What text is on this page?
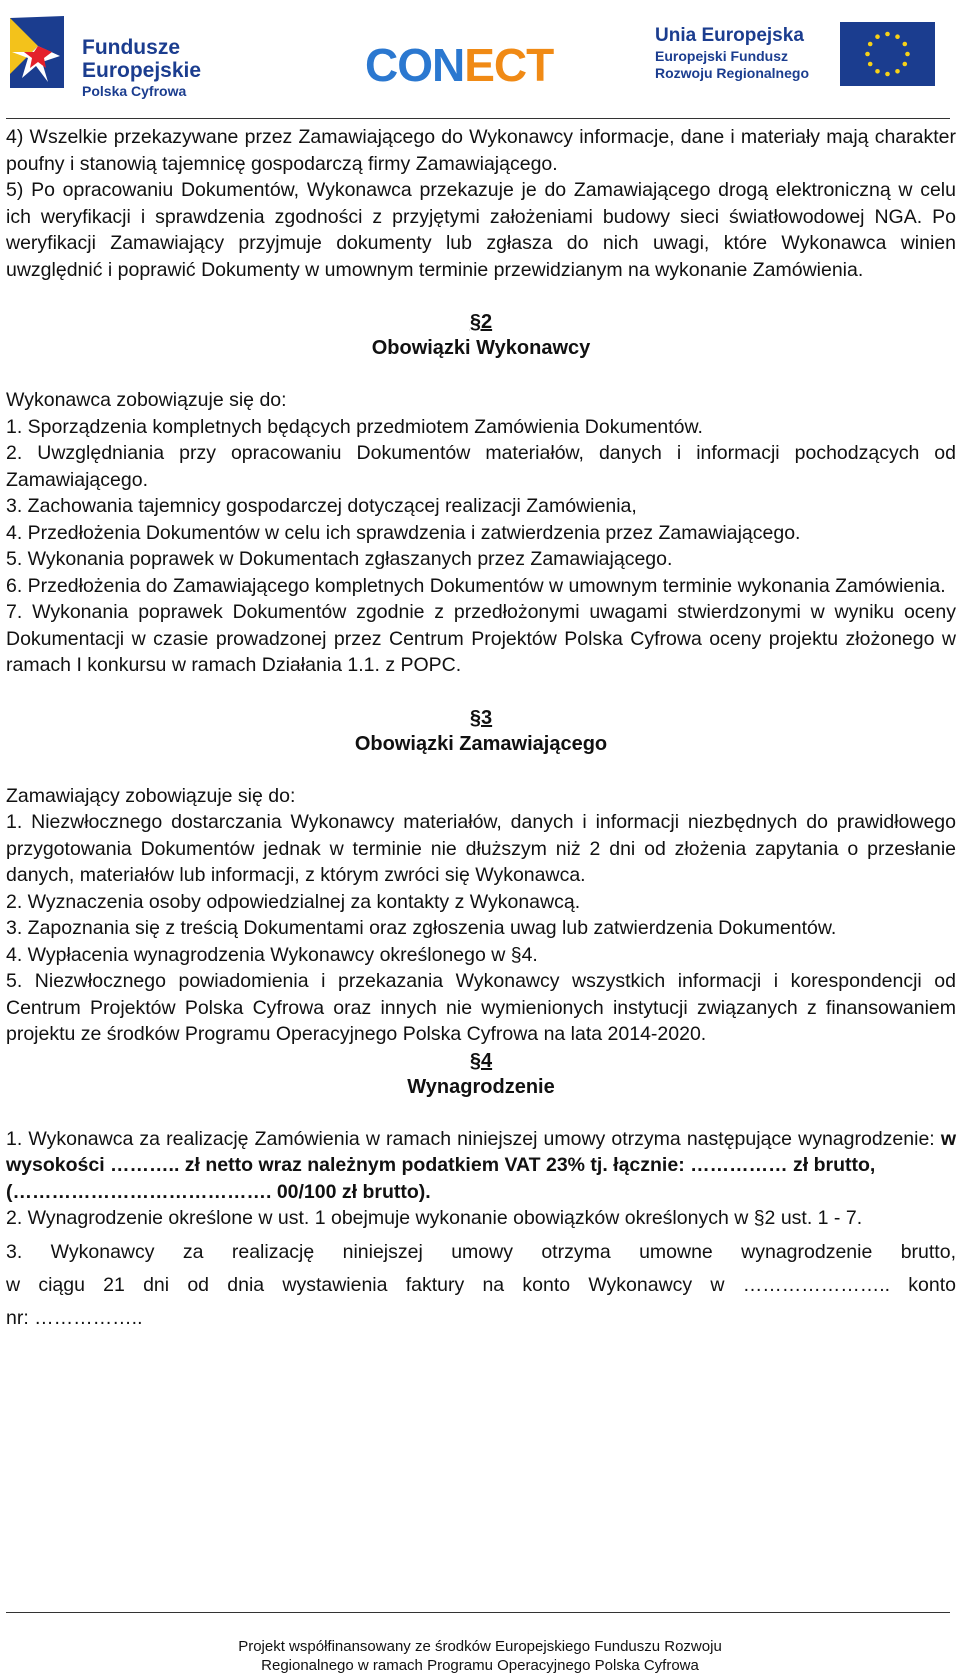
Fundusze
Europejskie
Polska Cyfrowa	CONECT
Unia Europejska
Europejski Fundusz
Rozwoju Regionalnego

4) Wszelkie przekazywane przez Zamawiającego do Wykonawcy informacje, dane i materiały mają charakter poufny i stanowią tajemnicę gospodarczą firmy Zamawiającego.

5) Po opracowaniu Dokumentów, Wykonawca przekazuje je do Zamawiającego drogą elektroniczną w celu ich weryfikacji i sprawdzenia zgodności z przyjętymi założeniami budowy sieci światłowodowej NGA. Po weryfikacji Zamawiający przyjmuje dokumenty lub zgłasza do nich uwagi, które Wykonawca winien uwzględnić i poprawić Dokumenty w umownym terminie przewidzianym na wykonanie Zamówienia.

§2

Obowiązki Wykonawcy

Wykonawca zobowiązuje się do:

1. Sporządzenia kompletnych będących przedmiotem Zamówienia Dokumentów.

2. Uwzględniania przy opracowaniu Dokumentów materiałów, danych i informacji pochodzących od Zamawiającego.

3. Zachowania tajemnicy gospodarczej dotyczącej realizacji Zamówienia,

4. Przedłożenia Dokumentów w celu ich sprawdzenia i zatwierdzenia przez Zamawiającego.

5. Wykonania poprawek w Dokumentach zgłaszanych przez Zamawiającego.

6. Przedłożenia do Zamawiającego kompletnych Dokumentów w umownym terminie wykonania Zamówienia.

7. Wykonania poprawek Dokumentów zgodnie z przedłożonymi uwagami stwierdzonymi w wyniku oceny Dokumentacji w czasie prowadzonej przez Centrum Projektów Polska Cyfrowa oceny projektu złożonego w ramach I konkursu w ramach Działania 1.1. z POPC.

§3

Obowiązki Zamawiającego

Zamawiający zobowiązuje się do:

1. Niezwłocznego dostarczania Wykonawcy materiałów, danych i informacji niezbędnych do prawidłowego przygotowania Dokumentów jednak w terminie nie dłuższym niż 2 dni od złożenia zapytania o przesłanie danych, materiałów lub informacji, z którym zwróci się Wykonawca.

2. Wyznaczenia osoby odpowiedzialnej za kontakty z Wykonawcą.

3. Zapoznania się z treścią Dokumentami oraz zgłoszenia uwag lub zatwierdzenia Dokumentów.

4. Wypłacenia wynagrodzenia Wykonawcy określonego w §4.

5. Niezwłocznego powiadomienia i przekazania Wykonawcy wszystkich informacji i korespondencji od Centrum Projektów Polska Cyfrowa oraz innych nie wymienionych instytucji związanych z finansowaniem projektu ze środków Programu Operacyjnego Polska Cyfrowa na lata 2014-2020.

§4

Wynagrodzenie

1. Wykonawca za realizację Zamówienia w ramach niniejszej umowy otrzyma następujące wynagrodzenie: w wysokości ……….. zł netto wraz należnym podatkiem VAT 23% tj. łącznie: …………… zł brutto,

(…………………………………. 00/100 zł brutto).

2. Wynagrodzenie określone w ust. 1 obejmuje wykonanie obowiązków określonych w §2 ust. 1 - 7.

3. Wykonawcy za realizację niniejszej umowy otrzyma umowne wynagrodzenie brutto,

w ciągu 21 dni od dnia wystawienia faktury na konto Wykonawcy w ………………….. konto

nr: ……………..

Projekt współfinansowany ze środków Europejskiego Funduszu Rozwoju
Regionalnego w ramach Programu Operacyjnego Polska Cyfrowa
